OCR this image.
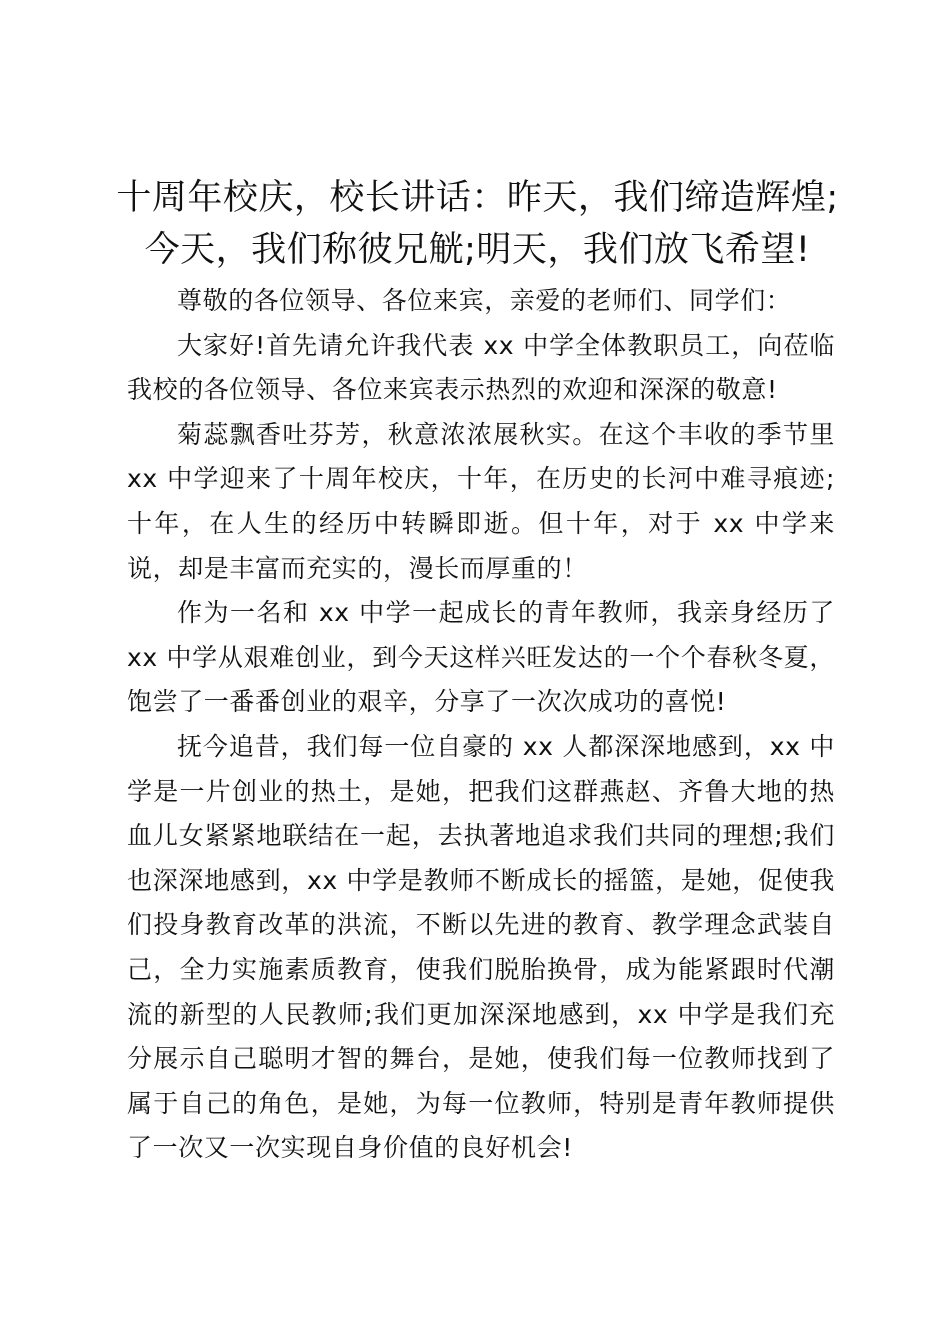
十周年校庆，校长讲话：昨天，我们缔造辉煌;
今天，我们称彼兄觥;明天，我们放飞希望!

尊敬的各位领导、各位来宾，亲爱的老师们、同学们：

大家好!首先请允许我代表 xx 中学全体教职员工，向莅临我校的各位领导、各位来宾表示热烈的欢迎和深深的敬意!

菊蕊飘香吐芬芳，秋意浓浓展秋实。在这个丰收的季节里 xx 中学迎来了十周年校庆，十年，在历史的长河中难寻痕迹;十年，在人生的经历中转瞬即逝。但十年，对于 xx 中学来说，却是丰富而充实的，漫长而厚重的！

作为一名和 xx 中学一起成长的青年教师，我亲身经历了 xx 中学从艰难创业，到今天这样兴旺发达的一个个春秋冬夏，饱尝了一番番创业的艰辛，分享了一次次成功的喜悦!

抚今追昔，我们每一位自豪的 xx 人都深深地感到，xx 中学是一片创业的热土，是她，把我们这群燕赵、齐鲁大地的热血儿女紧紧地联结在一起，去执著地追求我们共同的理想;我们也深深地感到，xx 中学是教师不断成长的摇篮，是她，促使我们投身教育改革的洪流，不断以先进的教育、教学理念武装自己，全力实施素质教育，使我们脱胎换骨，成为能紧跟时代潮流的新型的人民教师;我们更加深深地感到，xx 中学是我们充分展示自己聪明才智的舞台，是她，使我们每一位教师找到了属于自己的角色，是她，为每一位教师，特别是青年教师提供了一次又一次实现自身价值的良好机会!
